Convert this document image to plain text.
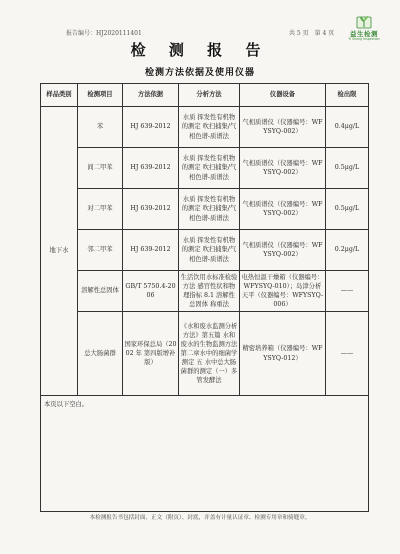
报告编号：HJ2020111401	共 5 页　第 4 页	益生检测
Yi Sheng Inspection
检 测 报 告
检测方法依据及使用仪器
样品类别	检测项目	方法依据	分析方法	仪器设备	检出限
地下水	苯	HJ 639-2012	水质 挥发性有机物的测定 吹扫捕集/气相色谱-质谱法	气相质谱仪（仪器编号：WFYSYQ-002）	0.4μg/L
	间二甲苯	HJ 639-2012	水质 挥发性有机物的测定 吹扫捕集/气相色谱-质谱法	气相质谱仪（仪器编号：WFYSYQ-002）	0.5μg/L
	对二甲苯	HJ 639-2012	水质 挥发性有机物的测定 吹扫捕集/气相色谱-质谱法	气相质谱仪（仪器编号：WFYSYQ-002）	0.5μg/L
	邻二甲苯	HJ 639-2012	水质 挥发性有机物的测定 吹扫捕集/气相色谱-质谱法	气相质谱仪（仪器编号：WFYSYQ-002）	0.2μg/L
	溶解性总固体	GB/T 5750.4-2006	生活饮用水标准检验方法 感官性状和物理指标 8.1 溶解性总固体 称重法	电热恒温干燥箱（仪器编号：WFYSYQ-010）；岛津分析天平（仪器编号：WFYSYQ-006）	——
	总大肠菌群	国家环保总局（2002 年 第四版增补版）	《水和废水监测分析方法》第五篇 水和废水的生物监测方法 第二章水中的细菌学测定 五 水中总大肠菌群的测定（一）多管发酵法	精密培养箱（仪器编号：WFYSYQ-012）	——
本页以下空白。					
本检测报告书包括封面、正文（附页）、封底，并盖有计量认证章、检测专用章和骑缝章。
